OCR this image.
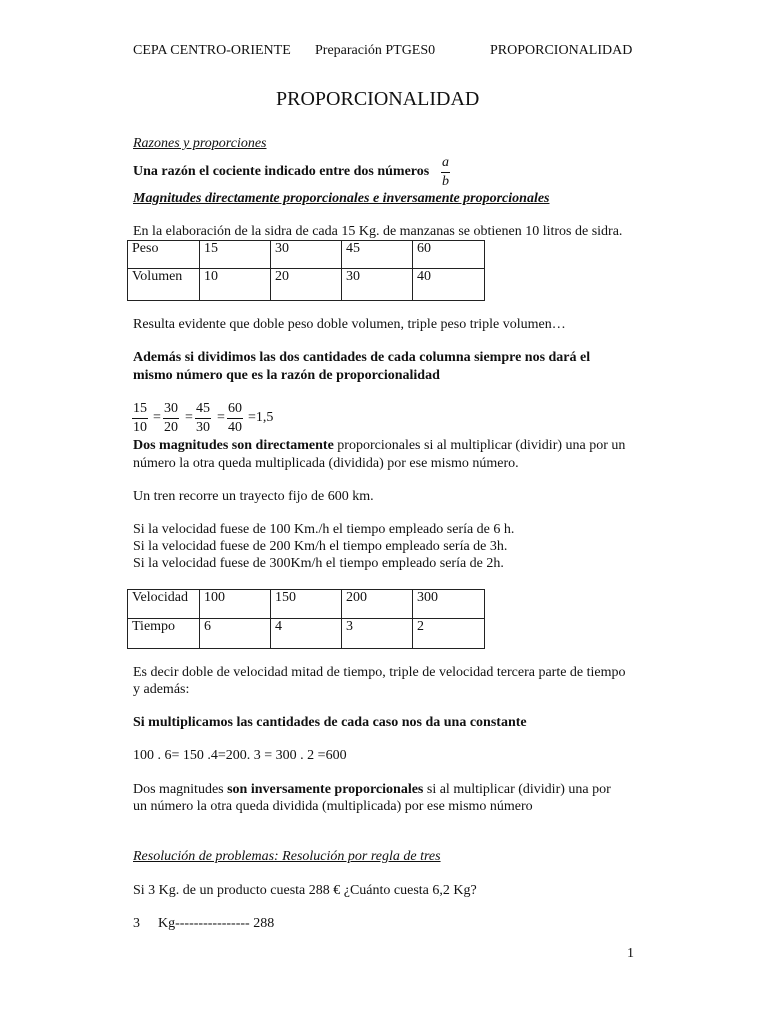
CEPA CENTRO-ORIENTE Preparación PTGES0	PROPORCIONALIDAD
PROPORCIONALIDAD
Razones y proporciones
Una razón el cociente indicado entre dos números
a
b
Magnitudes directamente proporcionales e inversamente proporcionales
En la elaboración de la sidra de cada 15 Kg. de manzanas se obtienen 10 litros de sidra.
Peso	15	30	45	60
Volumen	10	20	30	40
Resulta evidente que doble peso doble volumen, triple peso triple volumen…
Además si dividimos las dos cantidades de cada columna siempre nos dará el
mismo número que es la razón de proporcionalidad
15
10
=
30
20
=
45
30
=
60
40
=1,5
Dos magnitudes son directamente proporcionales si al multiplicar (dividir) una por un
número la otra queda multiplicada (dividida) por ese mismo número.
Un tren recorre un trayecto fijo de 600 km.
Si la velocidad fuese de 100 Km./h el tiempo empleado sería de 6 h.
Si la velocidad fuese de 200 Km/h el tiempo empleado sería de 3h.
Si la velocidad fuese de 300Km/h el tiempo empleado sería de 2h.
Velocidad	100	150	200	300
Tiempo	6	4	3	2
Es decir doble de velocidad mitad de tiempo, triple de velocidad tercera parte de tiempo
y además:
Si multiplicamos las cantidades de cada caso nos da una constante
100 . 6= 150 .4=200. 3 = 300 . 2 =600
Dos magnitudes son inversamente proporcionales si al multiplicar (dividir) una por
un número la otra queda dividida (multiplicada) por ese mismo número
Resolución de problemas: Resolución por regla de tres
Si 3 Kg. de un producto cuesta 288 € ¿Cuánto cuesta 6,2 Kg?
3 Kg---------------- 288
1
